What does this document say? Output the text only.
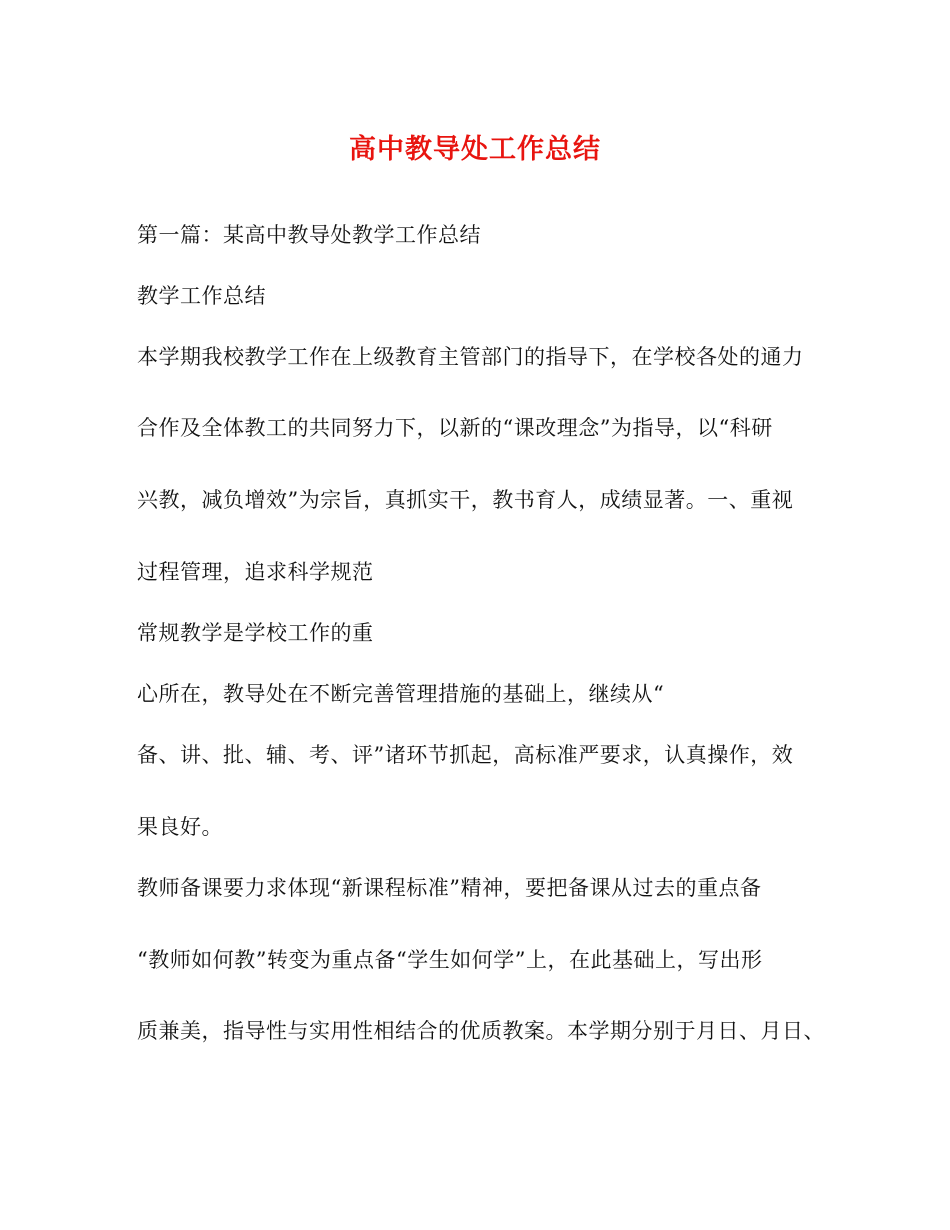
高中教导处工作总结
第一篇：某高中教导处教学工作总结
教学工作总结
本学期我校教学工作在上级教育主管部门的指导下，在学校各处的通力
合作及全体教工的共同努力下，以新的“课改理念”为指导，以“科研
兴教，减负增效”为宗旨，真抓实干，教书育人，成绩显著。一、重视
过程管理，追求科学规范
常规教学是学校工作的重
心所在，教导处在不断完善管理措施的基础上，继续从“
备、讲、批、辅、考、评”诸环节抓起，高标准严要求，认真操作，效
果良好。
教师备课要力求体现“新课程标准”精神，要把备课从过去的重点备
“教师如何教”转变为重点备“学生如何学”上，在此基础上，写出形
质兼美，指导性与实用性相结合的优质教案。本学期分别于月日、月日、
